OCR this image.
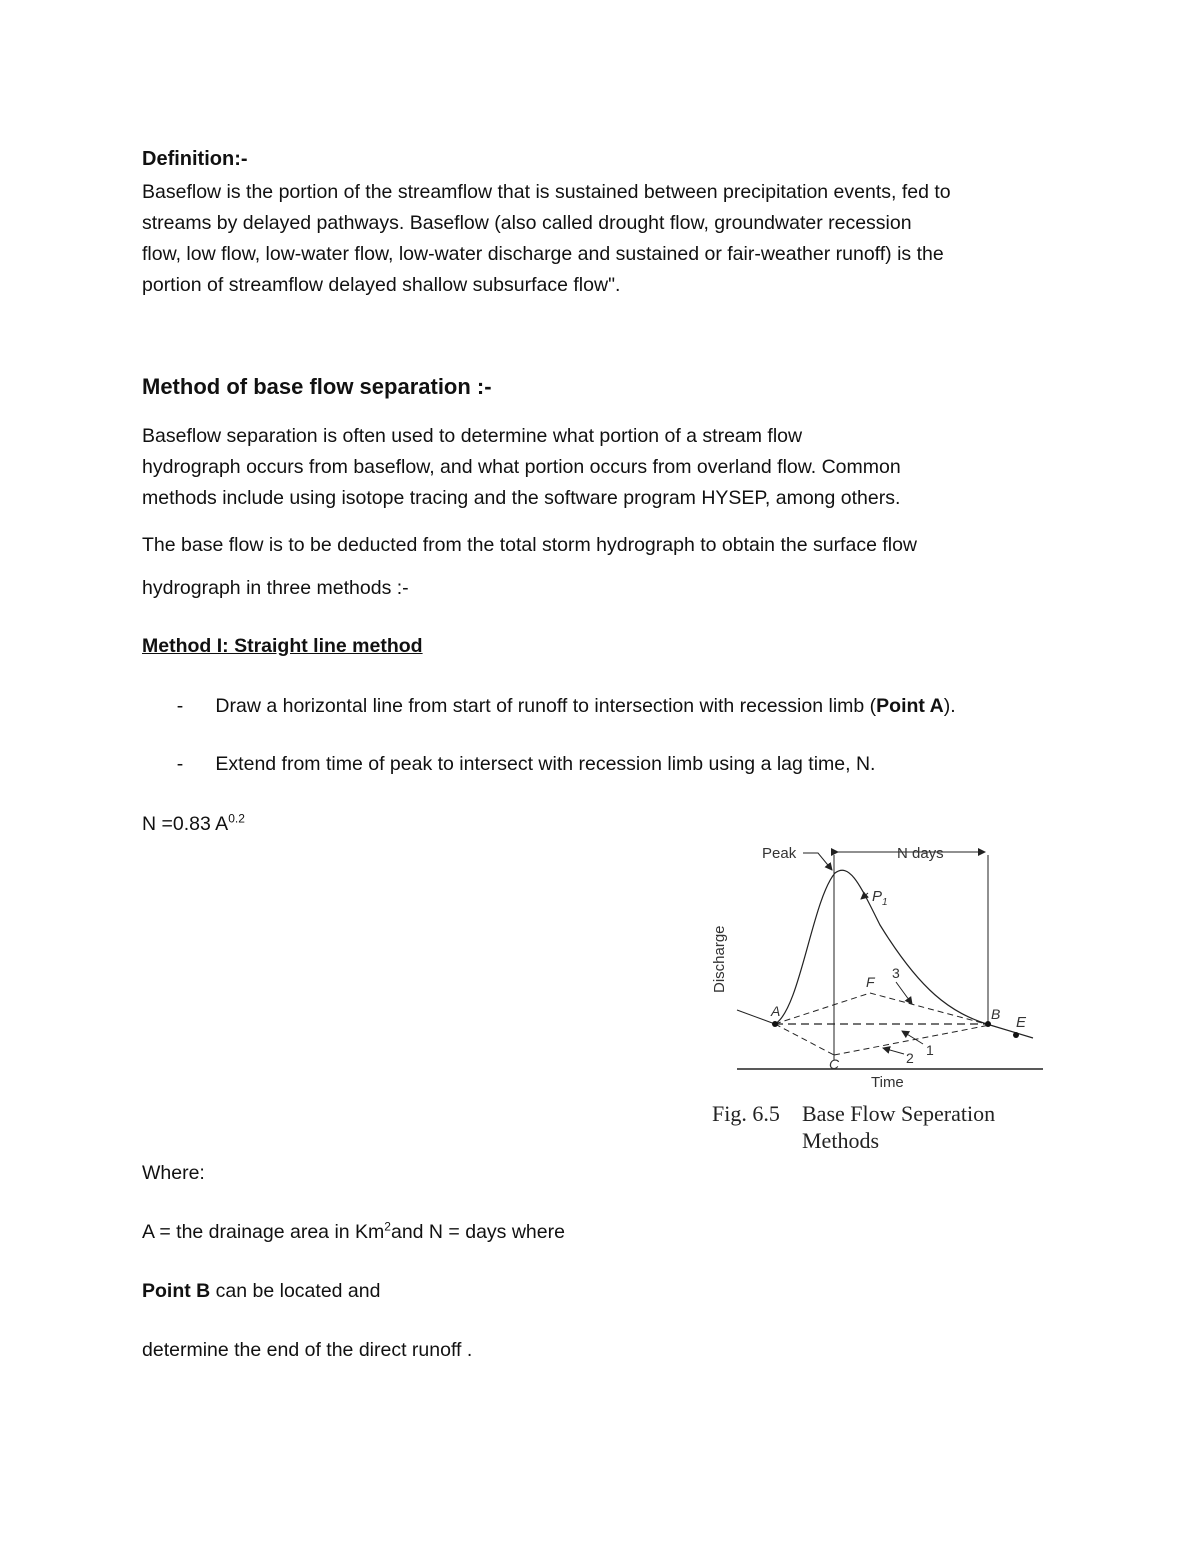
Definition:-
Baseflow is the portion of the streamflow that is sustained between precipitation events, fed to
streams by delayed pathways. Baseflow (also called drought flow, groundwater recession
flow, low flow, low-water flow, low-water discharge and sustained or fair-weather runoff) is the
portion of streamflow delayed shallow subsurface flow".
Method of base flow separation :-
Baseflow separation is often used to determine what portion of a stream flow
hydrograph occurs from baseflow, and what portion occurs from overland flow. Common
methods include using isotope tracing and the software program HYSEP, among others.
The base flow is to be deducted from the total storm hydrograph to obtain the surface flow
hydrograph in three methods :-
Method I: Straight line method
- Draw a horizontal line from start of runoff to intersection with recession limb (Point A).
- Extend from time of peak to intersect with recession limb using a lag time, N.
N =0.83 $A^{0.2}$
Peak	N days
$P_1$
Discharge
Time
A	B
C
E
F
1
2
3
Fig. 6.5	Base Flow Seperation
Methods
Where:
A = the drainage area in Km$^2$and N = days where
Point B can be located and
determine the end of the direct runoff .
